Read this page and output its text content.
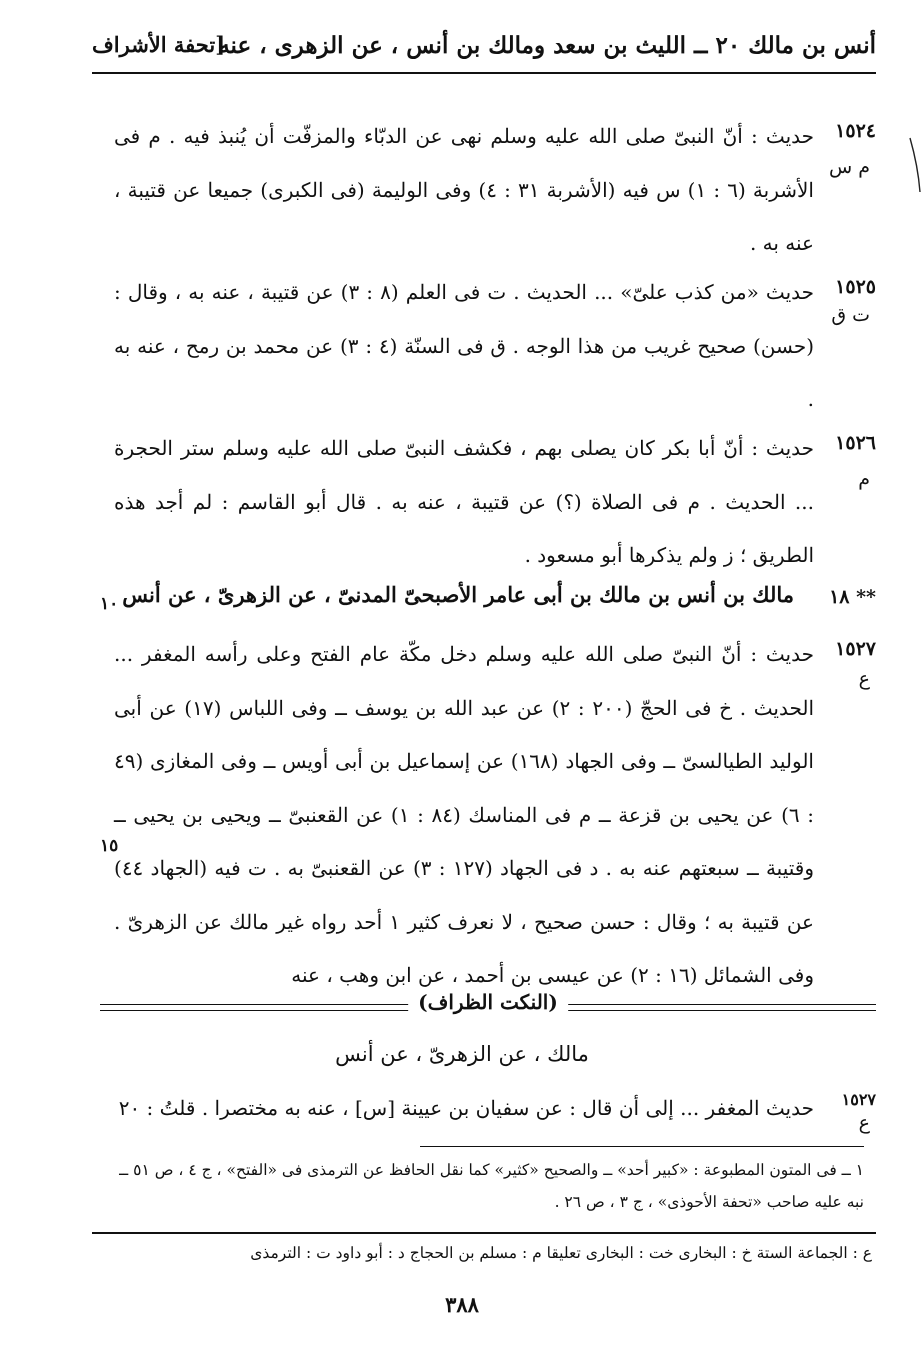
أنس بن مالك ٢٠ ــ الليث بن سعد ومالك بن أنس ، عن الزهرى ، عنه
[تحفة الأشراف
١٥٢٤
م س
حديث : أنّ النبىّ صلى الله عليه وسلم نهى عن الدبّاء والمزفّت أن يُنبذ فيه . م فى الأشربة (٦ : ١) س فيه (الأشربة ٣١ : ٤) وفى الوليمة (فى الكبرى) جميعا عن قتيبة ، عنه به .
١٥٢٥
ت ق
حديث «من كذب علىّ» ... الحديث . ت فى العلم (٨ : ٣) عن قتيبة ، عنه به ، وقال : (حسن) صحيح غريب من هذا الوجه . ق فى السنّة (٤ : ٣) عن محمد بن رمح ، عنه به .
١٥٢٦
م
حديث : أنّ أبا بكر كان يصلى بهم ، فكشف النبىّ صلى الله عليه وسلم ستر الحجرة ... الحديث . م فى الصلاة (؟) عن قتيبة ، عنه به . قال أبو القاسم : لم أجد هذه الطريق ؛ ز ولم يذكرها أبو مسعود .
١٨ **
مالك بن أنس بن مالك بن أبى عامر الأصبحىّ المدنىّ ، عن الزهرىّ ، عن أنس
١٠
١٥٢٧
ع
حديث : أنّ النبىّ صلى الله عليه وسلم دخل مكّة عام الفتح وعلى رأسه المغفر ... الحديث . خ فى الحجّ (٢٠٠ : ٢) عن عبد الله بن يوسف ــ وفى اللباس (١٧) عن أبى الوليد الطيالسىّ ــ وفى الجهاد (١٦٨) عن إسماعيل بن أبى أويس ــ وفى المغازى (٤٩ : ٦) عن يحيى بن قزعة ــ م فى المناسك (٨٤ : ١) عن القعنبىّ ــ ويحيى بن يحيى ــ وقتيبة ــ سبعتهم عنه به . د فى الجهاد (١٢٧ : ٣) عن القعنبىّ به . ت فيه (الجهاد ٤٤) عن قتيبة به ؛ وقال : حسن صحيح ، لا نعرف كثير ١ أحد رواه غير مالك عن الزهرىّ . وفى الشمائل (١٦ : ٢) عن عيسى بن أحمد ، عن ابن وهب ، عنه
١٥
(النكت الظراف)
مالك ، عن الزهرىّ ، عن أنس
١٥٢٧
ع
حديث المغفر ... إلى أن قال : عن سفيان بن عيينة [س] ، عنه به مختصرا . قلتُ : ٢٠
١ ــ فى المتون المطبوعة : «كبير أحد» ــ والصحيح «كثير» كما نقل الحافظ عن الترمذى فى «الفتح» ، ج ٤ ، ص ٥١ ــ نبه عليه صاحب «تحفة الأحوذى» ، ج ٣ ، ص ٢٦ .
ع : الجماعة الستة خ : البخارى خت : البخارى تعليقا م : مسلم بن الحجاج د : أبو داود ت : الترمذى
٣٨٨
